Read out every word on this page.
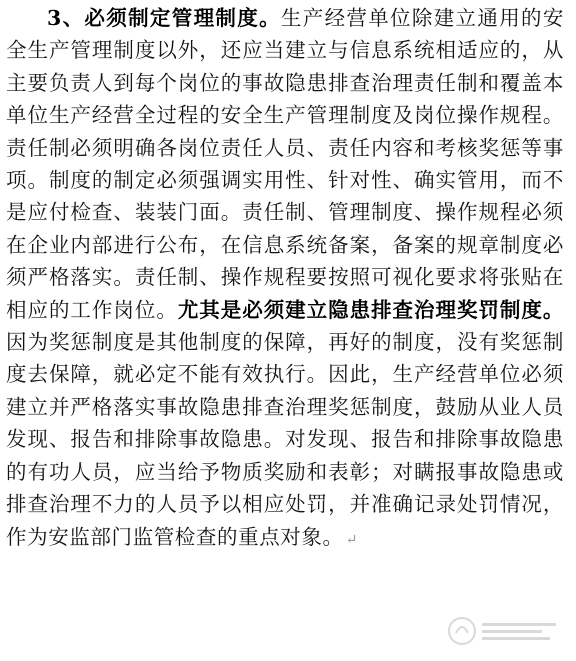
3、必须制定管理制度。生产经营单位除建立通用的安全生产管理制度以外，还应当建立与信息系统相适应的，从主要负责人到每个岗位的事故隐患排查治理责任制和覆盖本单位生产经营全过程的安全生产管理制度及岗位操作规程。责任制必须明确各岗位责任人员、责任内容和考核奖惩等事项。制度的制定必须强调实用性、针对性、确实管用，而不是应付检查、装装门面。责任制、管理制度、操作规程必须在企业内部进行公布，在信息系统备案，备案的规章制度必须严格落实。责任制、操作规程要按照可视化要求将张贴在相应的工作岗位。尤其是必须建立隐患排查治理奖罚制度。因为奖惩制度是其他制度的保障，再好的制度，没有奖惩制度去保障，就必定不能有效执行。因此，生产经营单位必须建立并严格落实事故隐患排查治理奖惩制度，鼓励从业人员发现、报告和排除事故隐患。对发现、报告和排除事故隐患的有功人员，应当给予物质奖励和表彰；对瞒报事故隐患或排查治理不力的人员予以相应处罚，并准确记录处罚情况，作为安监部门监管检查的重点对象。 ↵
